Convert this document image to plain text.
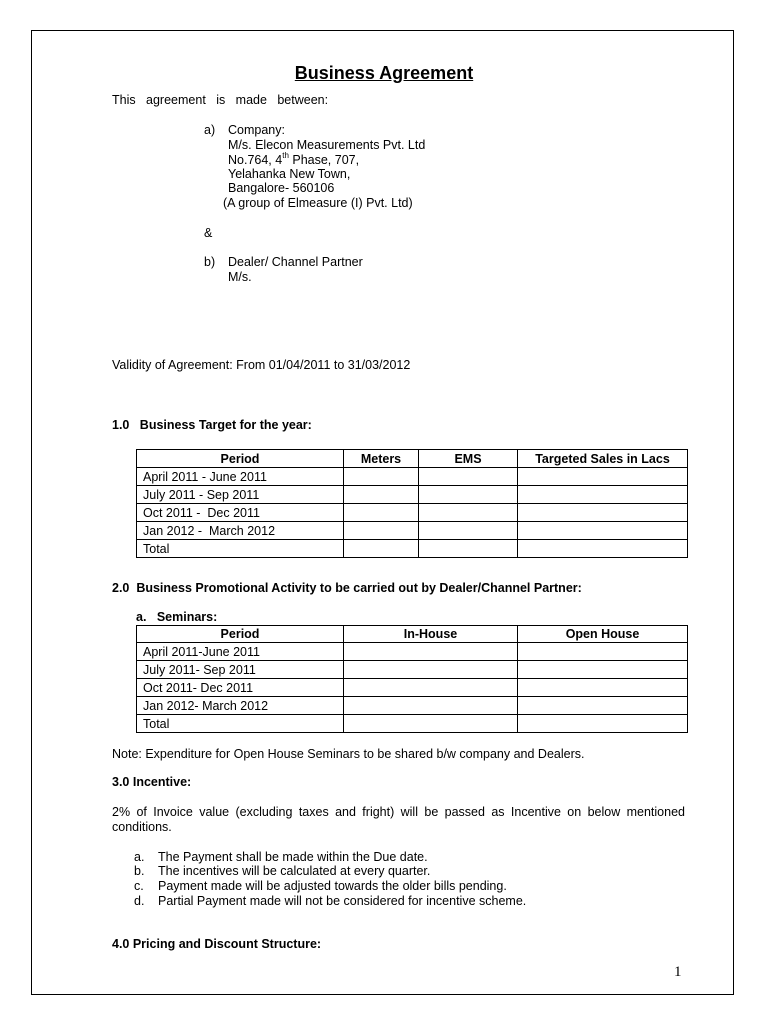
Business Agreement
This   agreement   is   made   between:
a) Company:
M/s. Elecon Measurements Pvt. Ltd
No.764, 4th Phase, 707,
Yelahanka New Town,
Bangalore- 560106
(A group of Elmeasure (I) Pvt. Ltd)
&
b) Dealer/ Channel Partner
M/s.
Validity of Agreement: From 01/04/2011 to 31/03/2012
1.0   Business Target for the year:
Period	Meters	EMS	Targeted Sales in Lacs
April 2011 - June 2011			
July 2011 - Sep 2011			
Oct 2011 -  Dec 2011			
Jan 2012 -  March 2012			
Total			
2.0  Business Promotional Activity to be carried out by Dealer/Channel Partner:
a.   Seminars:
Period	In-House	Open House
April 2011-June 2011		
July 2011- Sep 2011		
Oct 2011- Dec 2011		
Jan 2012- March 2012		
Total		
Note: Expenditure for Open House Seminars to be shared b/w company and Dealers.
3.0 Incentive:
2% of Invoice value (excluding taxes and fright) will be passed as Incentive on below mentioned conditions.
a. The Payment shall be made within the Due date.
b. The incentives will be calculated at every quarter.
c. Payment made will be adjusted towards the older bills pending.
d. Partial Payment made will not be considered for incentive scheme.
4.0 Pricing and Discount Structure:
1
